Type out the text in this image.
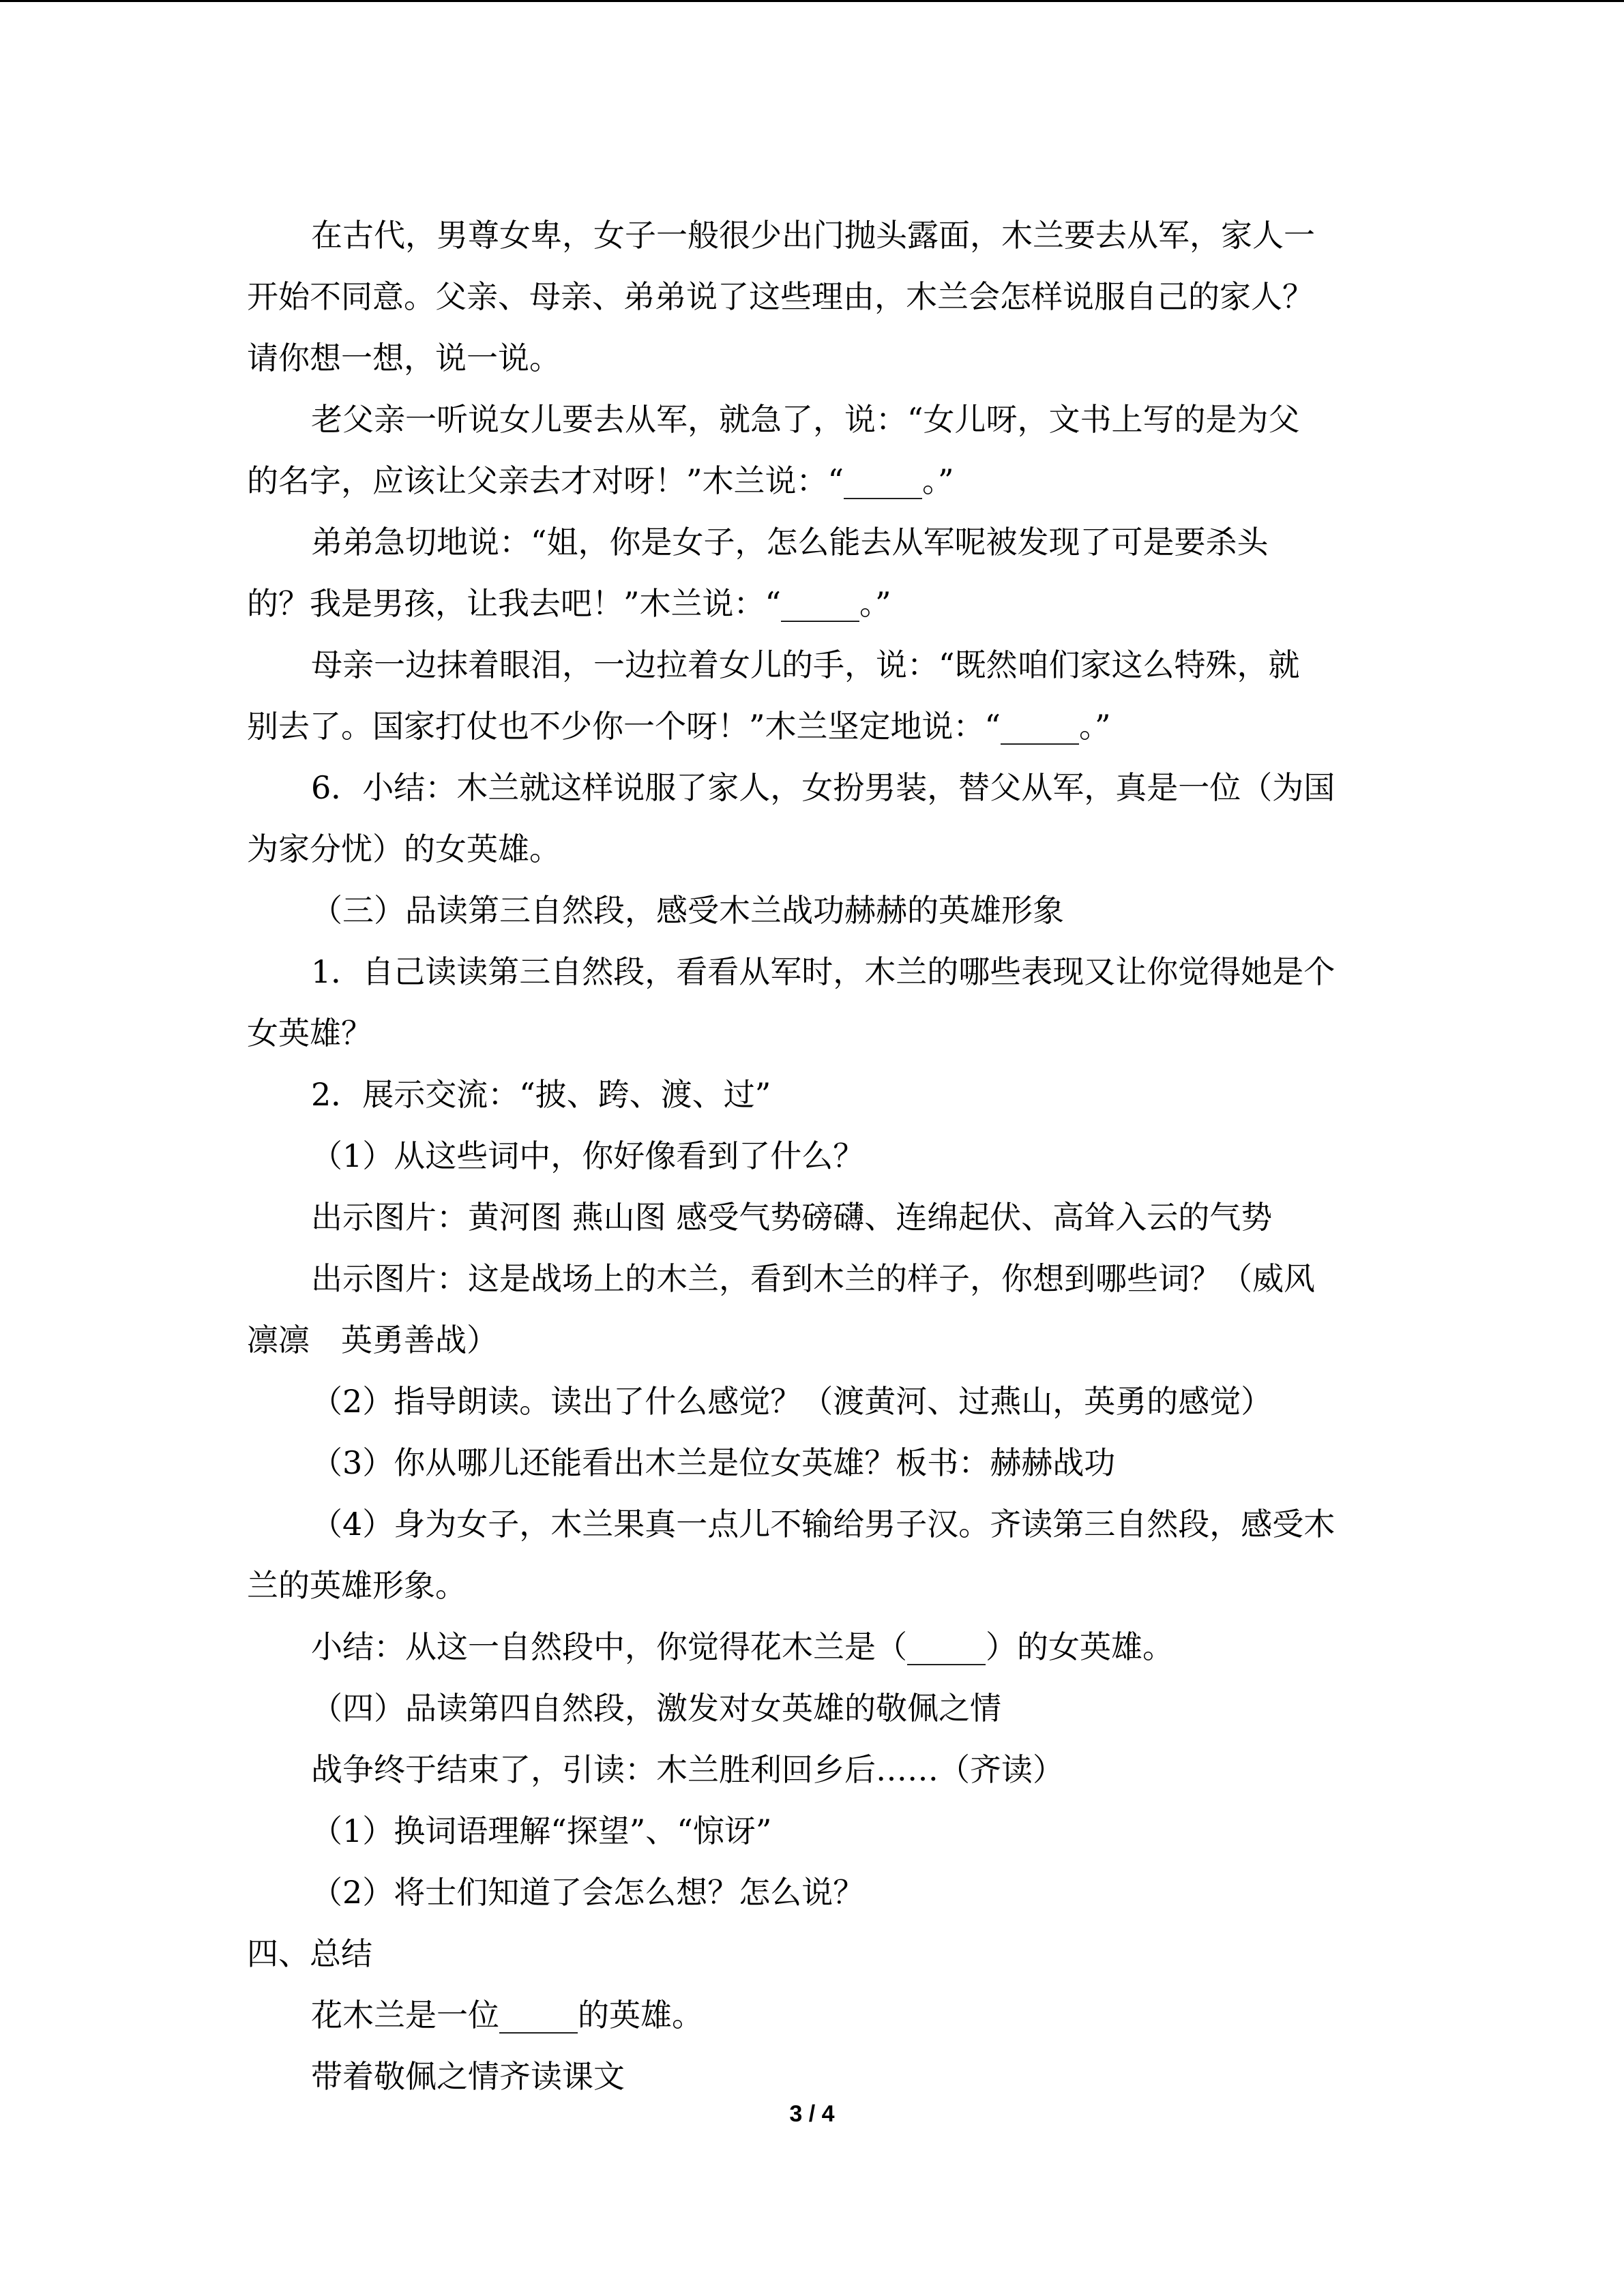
在古代，男尊女卑，女子一般很少出门抛头露面，木兰要去从军，家人一
开始不同意。父亲、母亲、弟弟说了这些理由，木兰会怎样说服自己的家人？
请你想一想，说一说。
老父亲一听说女儿要去从军，就急了，说：“女儿呀，文书上写的是为父
的名字，应该让父亲去才对呀！”木兰说：“_____。”
弟弟急切地说：“姐，你是女子，怎么能去从军呢被发现了可是要杀头
的？我是男孩，让我去吧！”木兰说：“_____。”
母亲一边抹着眼泪，一边拉着女儿的手，说：“既然咱们家这么特殊，就
别去了。国家打仗也不少你一个呀！”木兰坚定地说：“_____。”
6．小结：木兰就这样说服了家人，女扮男装，替父从军，真是一位（为国
为家分忧）的女英雄。
（三）品读第三自然段，感受木兰战功赫赫的英雄形象
1．自己读读第三自然段，看看从军时，木兰的哪些表现又让你觉得她是个
女英雄？
2．展示交流：“披、跨、渡、过”
（1）从这些词中，你好像看到了什么？
出示图片：黄河图 燕山图 感受气势磅礴、连绵起伏、高耸入云的气势
出示图片：这是战场上的木兰，看到木兰的样子，你想到哪些词？（威风
凛凛　英勇善战）
（2）指导朗读。读出了什么感觉？（渡黄河、过燕山，英勇的感觉）
（3）你从哪儿还能看出木兰是位女英雄？板书：赫赫战功
（4）身为女子，木兰果真一点儿不输给男子汉。齐读第三自然段，感受木
兰的英雄形象。
小结：从这一自然段中，你觉得花木兰是（_____）的女英雄。
（四）品读第四自然段，激发对女英雄的敬佩之情
战争终于结束了，引读：木兰胜利回乡后……（齐读）
（1）换词语理解“探望”、“惊讶”
（2）将士们知道了会怎么想？怎么说？
四、总结
花木兰是一位_____的英雄。
带着敬佩之情齐读课文
3 / 4
